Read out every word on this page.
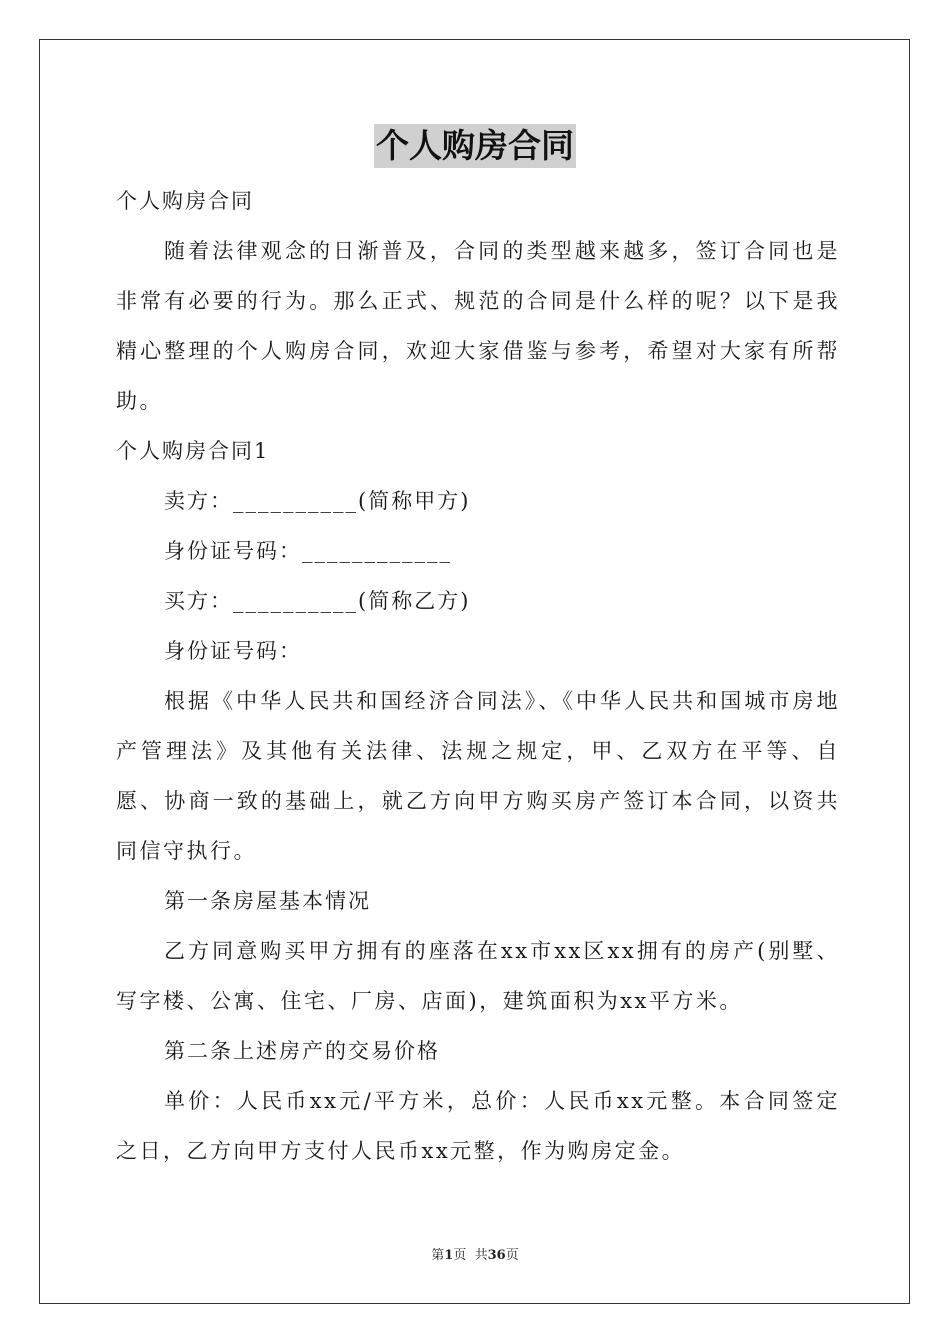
个人购房合同

个人购房合同

随着法律观念的日渐普及，合同的类型越来越多，签订合同也是非常有必要的行为。那么正式、规范的合同是什么样的呢？以下是我精心整理的个人购房合同，欢迎大家借鉴与参考，希望对大家有所帮助。

个人购房合同1

卖方：__________(简称甲方)

身份证号码：____________

买方：__________(简称乙方)

身份证号码：

根据《中华人民共和国经济合同法》、《中华人民共和国城市房地产管理法》及其他有关法律、法规之规定，甲、乙双方在平等、自愿、协商一致的基础上，就乙方向甲方购买房产签订本合同，以资共同信守执行。

第一条房屋基本情况

乙方同意购买甲方拥有的座落在xx市xx区xx拥有的房产(别墅、写字楼、公寓、住宅、厂房、店面)，建筑面积为xx平方米。

第二条上述房产的交易价格

单价：人民币xx元/平方米，总价：人民币xx元整。本合同签定之日，乙方向甲方支付人民币xx元整，作为购房定金。

第1页  共36页
